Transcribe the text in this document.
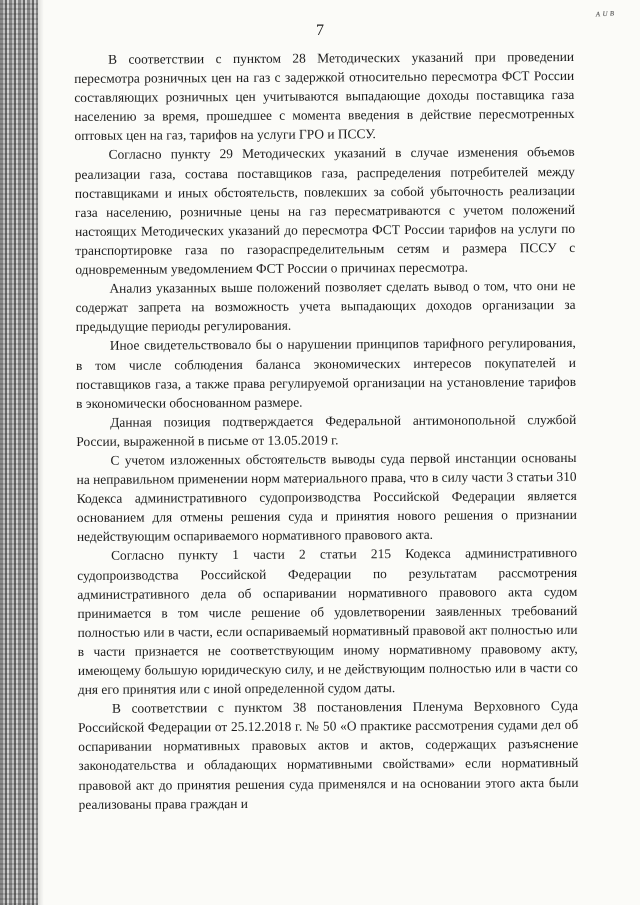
ᴀ ᴜ ʙ
7

В соответствии с пунктом 28 Методических указаний при проведении пересмотра розничных цен на газ с задержкой относительно пересмотра ФСТ России составляющих розничных цен учитываются выпадающие доходы поставщика газа населению за время, прошедшее с момента введения в действие пересмотренных оптовых цен на газ, тарифов на услуги ГРО и ПССУ.

Согласно пункту 29 Методических указаний в случае изменения объемов реализации газа, состава поставщиков газа, распределения потребителей между поставщиками и иных обстоятельств, повлекших за собой убыточность реализации газа населению, розничные цены на газ пересматриваются с учетом положений настоящих Методических указаний до пересмотра ФСТ России тарифов на услуги по транспортировке газа по газораспределительным сетям и размера ПССУ с одновременным уведомлением ФСТ России о причинах пересмотра.

Анализ указанных выше положений позволяет сделать вывод о том, что они не содержат запрета на возможность учета выпадающих доходов организации за предыдущие периоды регулирования.

Иное свидетельствовало бы о нарушении принципов тарифного регулирования, в том числе соблюдения баланса экономических интересов покупателей и поставщиков газа, а также права регулируемой организации на установление тарифов в экономически обоснованном размере.

Данная позиция подтверждается Федеральной антимонопольной службой России, выраженной в письме от 13.05.2019 г.

С учетом изложенных обстоятельств выводы суда первой инстанции основаны на неправильном применении норм материального права, что в силу части 3 статьи 310 Кодекса административного судопроизводства Российской Федерации является основанием для отмены решения суда и принятия нового решения о признании недействующим оспариваемого нормативного правового акта.

Согласно пункту 1 части 2 статьи 215 Кодекса административного судопроизводства Российской Федерации по результатам рассмотрения административного дела об оспаривании нормативного правового акта судом принимается в том числе решение об удовлетворении заявленных требований полностью или в части, если оспариваемый нормативный правовой акт полностью или в части признается не соответствующим иному нормативному правовому акту, имеющему большую юридическую силу, и не действующим полностью или в части со дня его принятия или с иной определенной судом даты.

В соответствии с пунктом 38 постановления Пленума Верховного Суда Российской Федерации от 25.12.2018 г. № 50 «О практике рассмотрения судами дел об оспаривании нормативных правовых актов и актов, содержащих разъяснение законодательства и обладающих нормативными свойствами» если нормативный правовой акт до принятия решения суда применялся и на основании этого акта были реализованы права граждан и
